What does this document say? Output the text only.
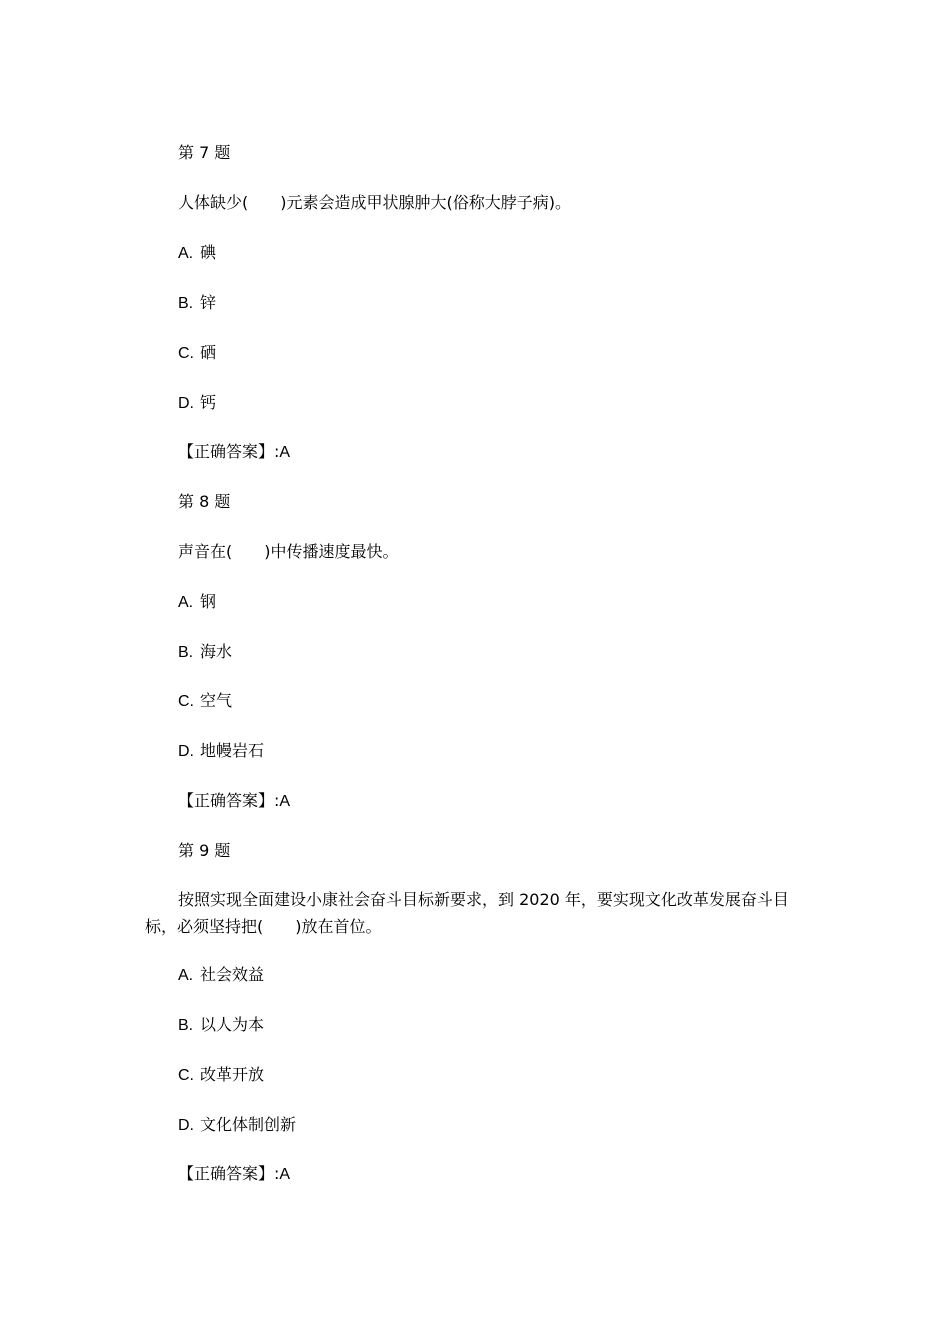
第 7 题
人体缺少(　　)元素会造成甲状腺肿大(俗称大脖子病)。
A. 碘
B. 锌
C. 硒
D. 钙
【正确答案】:A
第 8 题
声音在(　　)中传播速度最快。
A. 钢
B. 海水
C. 空气
D. 地幔岩石
【正确答案】:A
第 9 题
按照实现全面建设小康社会奋斗目标新要求，到 2020 年，要实现文化改革发展奋斗目标，必须坚持把(　　)放在首位。
A. 社会效益
B. 以人为本
C. 改革开放
D. 文化体制创新
【正确答案】:A
